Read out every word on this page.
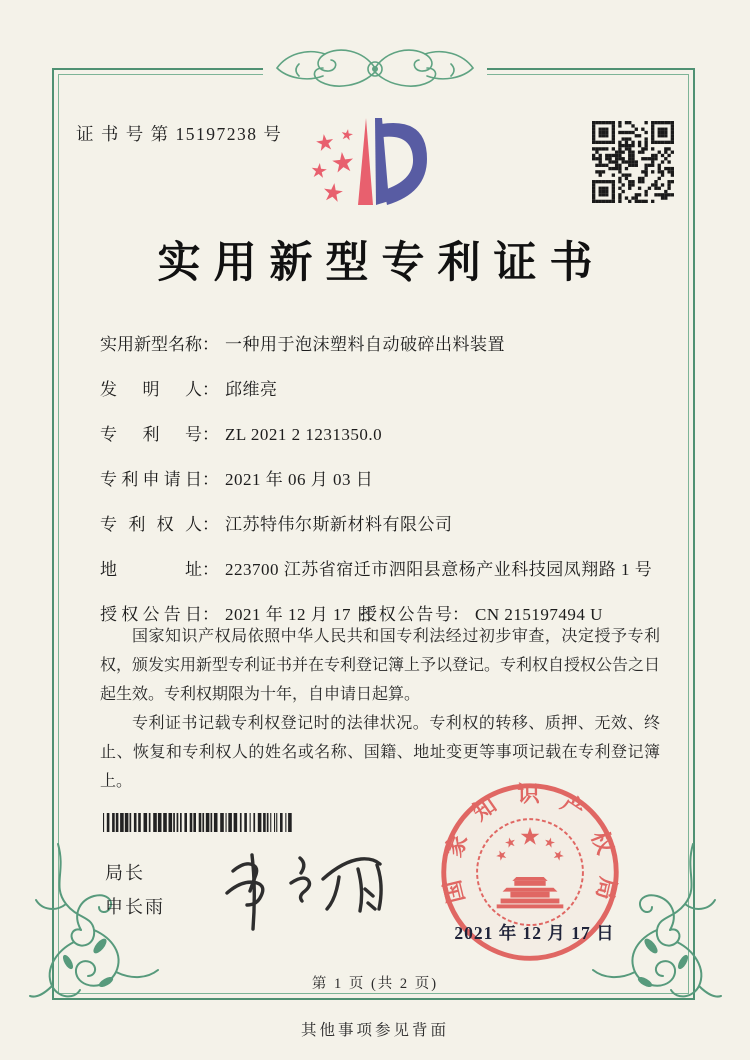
证 书 号 第 15197238 号
实用新型专利证书
实用新型名称： 一种用于泡沫塑料自动破碎出料装置
发明人： 邱维亮
专利号： ZL 2021 2 1231350.0
专利申请日： 2021 年 06 月 03 日
专利权人： 江苏特伟尔斯新材料有限公司
地址： 223700 江苏省宿迁市泗阳县意杨产业科技园凤翔路 1 号
授权公告日： 2021 年 12 月 17 日
授权公告号： CN 215197494 U

国家知识产权局依照中华人民共和国专利法经过初步审查，决定授予专利权，颁发实用新型专利证书并在专利登记簿上予以登记。专利权自授权公告之日起生效。专利权期限为十年，自申请日起算。

专利证书记载专利权登记时的法律状况。专利权的转移、质押、无效、终止、恢复和专利权人的姓名或名称、国籍、地址变更等事项记载在专利登记簿上。

局长
申长雨
国家知识产权局
2021 年 12 月 17 日
第 1 页 (共 2 页)
其他事项参见背面
